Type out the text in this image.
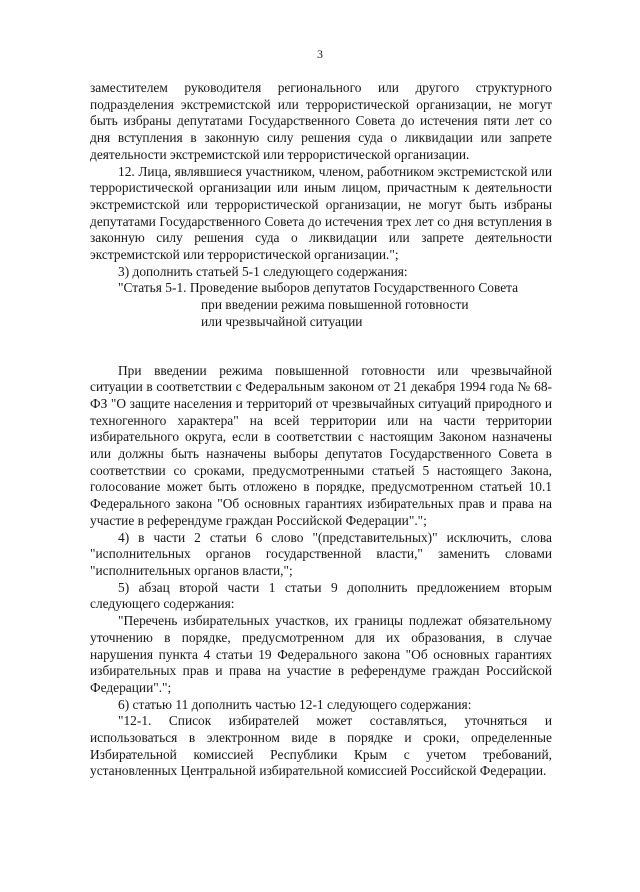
3

заместителем руководителя регионального или другого структурного подразделения экстремистской или террористической организации, не могут быть избраны депутатами Государственного Совета до истечения пяти лет со дня вступления в законную силу решения суда о ликвидации или запрете деятельности экстремистской или террористической организации.

12. Лица, являвшиеся участником, членом, работником экстремистской или террористической организации или иным лицом, причастным к деятельности экстремистской или террористической организации, не могут быть избраны депутатами Государственного Совета до истечения трех лет со дня вступления в законную силу решения суда о ликвидации или запрете деятельности экстремистской или террористической организации.";

3) дополнить статьей 5-1 следующего содержания:

"Статья 5-1. Проведение выборов депутатов Государственного Совета
при введении режима повышенной готовности
или чрезвычайной ситуации

При введении режима повышенной готовности или чрезвычайной ситуации в соответствии с Федеральным законом от 21 декабря 1994 года № 68-ФЗ "О защите населения и территорий от чрезвычайных ситуаций природного и техногенного характера" на всей территории или на части территории избирательного округа, если в соответствии с настоящим Законом назначены или должны быть назначены выборы депутатов Государственного Совета в соответствии со сроками, предусмотренными статьей 5 настоящего Закона, голосование может быть отложено в порядке, предусмотренном статьей 10.1 Федерального закона "Об основных гарантиях избирательных прав и права на участие в референдуме граждан Российской Федерации".";

4) в части 2 статьи 6 слово "(представительных)" исключить, слова "исполнительных органов государственной власти," заменить словами "исполнительных органов власти,";

5) абзац второй части 1 статьи 9 дополнить предложением вторым следующего содержания:

"Перечень избирательных участков, их границы подлежат обязательному уточнению в порядке, предусмотренном для их образования, в случае нарушения пункта 4 статьи 19 Федерального закона "Об основных гарантиях избирательных прав и права на участие в референдуме граждан Российской Федерации".";

6) статью 11 дополнить частью 12-1 следующего содержания:

"12-1. Список избирателей может составляться, уточняться и использоваться в электронном виде в порядке и сроки, определенные Избирательной комиссией Республики Крым с учетом требований, установленных Центральной избирательной комиссией Российской Федерации.
